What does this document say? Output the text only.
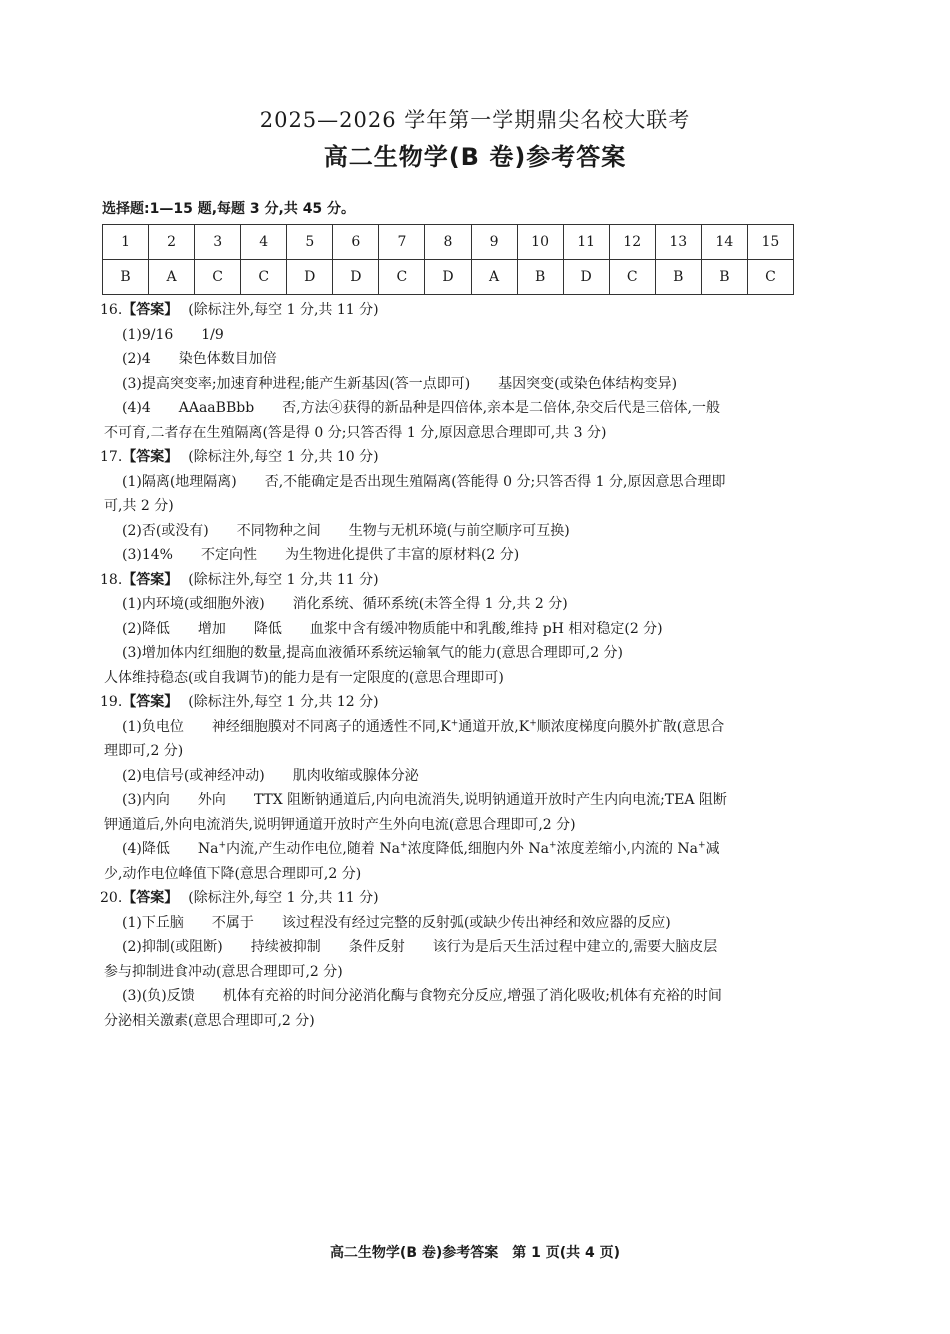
2025—2026 学年第一学期鼎尖名校大联考
高二生物学(B 卷)参考答案
选择题:1—15 题,每题 3 分,共 45 分。
1	2	3	4	5	6	7	8	9	10	11	12	13	14	15
B	A	C	C	D	D	C	D	A	B	D	C	B	B	C
16.【答案】 (除标注外,每空 1 分,共 11 分)
(1)9/16　　1/9
(2)4　　染色体数目加倍
(3)提高突变率;加速育种进程;能产生新基因(答一点即可)　　基因突变(或染色体结构变异)
(4)4　　AAaaBBbb　　否,方法④获得的新品种是四倍体,亲本是二倍体,杂交后代是三倍体,一般
不可育,二者存在生殖隔离(答是得 0 分;只答否得 1 分,原因意思合理即可,共 3 分)
17.【答案】 (除标注外,每空 1 分,共 10 分)
(1)隔离(地理隔离)　　否,不能确定是否出现生殖隔离(答能得 0 分;只答否得 1 分,原因意思合理即
可,共 2 分)
(2)否(或没有)　　不同物种之间　　生物与无机环境(与前空顺序可互换)
(3)14%　　不定向性　　为生物进化提供了丰富的原材料(2 分)
18.【答案】 (除标注外,每空 1 分,共 11 分)
(1)内环境(或细胞外液)　　消化系统、循环系统(未答全得 1 分,共 2 分)
(2)降低　　增加　　降低　　血浆中含有缓冲物质能中和乳酸,维持 pH 相对稳定(2 分)
(3)增加体内红细胞的数量,提高血液循环系统运输氧气的能力(意思合理即可,2 分)
人体维持稳态(或自我调节)的能力是有一定限度的(意思合理即可)
19.【答案】 (除标注外,每空 1 分,共 12 分)
(1)负电位　　神经细胞膜对不同离子的通透性不同,K+通道开放,K+顺浓度梯度向膜外扩散(意思合
理即可,2 分)
(2)电信号(或神经冲动)　　肌肉收缩或腺体分泌
(3)内向　　外向　　TTX 阻断钠通道后,内向电流消失,说明钠通道开放时产生内向电流;TEA 阻断
钾通道后,外向电流消失,说明钾通道开放时产生外向电流(意思合理即可,2 分)
(4)降低　　Na+内流,产生动作电位,随着 Na+浓度降低,细胞内外 Na+浓度差缩小,内流的 Na+减
少,动作电位峰值下降(意思合理即可,2 分)
20.【答案】 (除标注外,每空 1 分,共 11 分)
(1)下丘脑　　不属于　　该过程没有经过完整的反射弧(或缺少传出神经和效应器的反应)
(2)抑制(或阻断)　　持续被抑制　　条件反射　　该行为是后天生活过程中建立的,需要大脑皮层
参与抑制进食冲动(意思合理即可,2 分)
(3)(负)反馈　　机体有充裕的时间分泌消化酶与食物充分反应,增强了消化吸收;机体有充裕的时间
分泌相关激素(意思合理即可,2 分)
高二生物学(B 卷)参考答案　第 1 页(共 4 页)
